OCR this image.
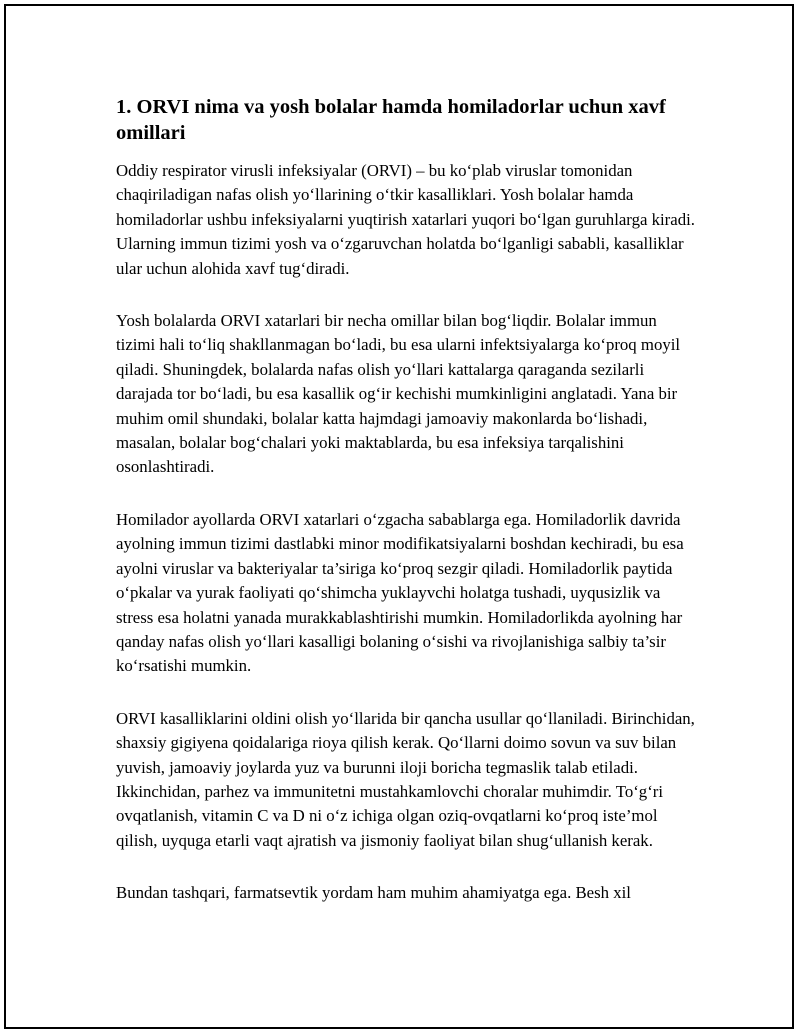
1. ORVI nima va yosh bolalar hamda homiladorlar uchun xavf omillari

Oddiy respirator virusli infeksiyalar (ORVI) – bu ko‘plab viruslar tomonidan chaqiriladigan nafas olish yo‘llarining o‘tkir kasalliklari. Yosh bolalar hamda homiladorlar ushbu infeksiyalarni yuqtirish xatarlari yuqori bo‘lgan guruhlarga kiradi. Ularning immun tizimi yosh va o‘zgaruvchan holatda bo‘lganligi sababli, kasalliklar ular uchun alohida xavf tug‘diradi.

Yosh bolalarda ORVI xatarlari bir necha omillar bilan bog‘liqdir. Bolalar immun tizimi hali to‘liq shakllanmagan bo‘ladi, bu esa ularni infektsiyalarga ko‘proq moyil qiladi. Shuningdek, bolalarda nafas olish yo‘llari kattalarga qaraganda sezilarli darajada tor bo‘ladi, bu esa kasallik og‘ir kechishi mumkinligini anglatadi. Yana bir muhim omil shundaki, bolalar katta hajmdagi jamoaviy makonlarda bo‘lishadi, masalan, bolalar bog‘chalari yoki maktablarda, bu esa infeksiya tarqalishini osonlashtiradi.

Homilador ayollarda ORVI xatarlari o‘zgacha sabablarga ega. Homiladorlik davrida ayolning immun tizimi dastlabki minor modifikatsiyalarni boshdan kechiradi, bu esa ayolni viruslar va bakteriyalar ta’siriga ko‘proq sezgir qiladi. Homiladorlik paytida o‘pkalar va yurak faoliyati qo‘shimcha yuklayvchi holatga tushadi, uyqusizlik va stress esa holatni yanada murakkablashtirishi mumkin. Homiladorlikda ayolning har qanday nafas olish yo‘llari kasalligi bolaning o‘sishi va rivojlanishiga salbiy ta’sir ko‘rsatishi mumkin.

ORVI kasalliklarini oldini olish yo‘llarida bir qancha usullar qo‘llaniladi. Birinchidan, shaxsiy gigiyena qoidalariga rioya qilish kerak. Qo‘llarni doimo sovun va suv bilan yuvish, jamoaviy joylarda yuz va burunni iloji boricha tegmaslik talab etiladi. Ikkinchidan, parhez va immunitetni mustahkamlovchi choralar muhimdir. To‘g‘ri ovqatlanish, vitamin C va D ni o‘z ichiga olgan oziq-ovqatlarni ko‘proq iste’mol qilish, uyquga etarli vaqt ajratish va jismoniy faoliyat bilan shug‘ullanish kerak.

Bundan tashqari, farmatsevtik yordam ham muhim ahamiyatga ega. Besh xil
